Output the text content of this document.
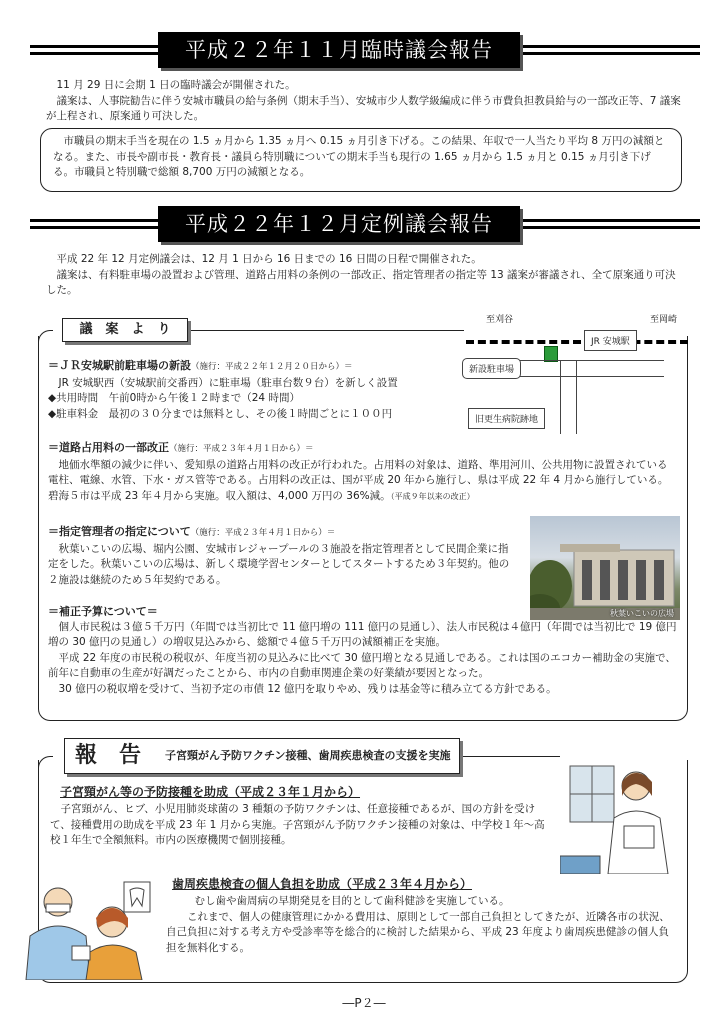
平成２２年１１月臨時議会報告

11 月 29 日に会期 1 日の臨時議会が開催された。

議案は、人事院勧告に伴う安城市職員の給与条例（期末手当）、安城市少人数学級編成に伴う市費負担教員給与の一部改正等、7 議案が上程され、原案通り可決した。

市職員の期末手当を現在の 1.5 ヵ月から 1.35 ヵ月へ 0.15 ヵ月引き下げる。この結果、年収で一人当たり平均 8 万円の減額となる。また、市長や副市長・教育長・議員ら特別職についての期末手当も現行の 1.65 ヵ月から 1.5 ヵ月と 0.15 ヵ月引き下げる。市職員と特別職で総額 8,700 万円の減額となる。

平成２２年１２月定例議会報告

平成 22 年 12 月定例議会は、12 月 1 日から 16 日までの 16 日間の日程で開催された。

議案は、有料駐車場の設置および管理、道路占用料の条例の一部改正、指定管理者の指定等 13 議案が審議され、全て原案通り可決した。

議　案　よ　り

＝ＪＲ安城駅前駐車場の新設（施行：平成２２年１２月２０日から）＝

JR 安城駅西（安城駅前交番西）に駐車場（駐車台数９台）を新しく設置

◆共用時間　午前0時から午後１２時まで（24 時間）

◆駐車料金　最初の３０分までは無料とし、その後１時間ごとに１００円

至刈谷	至岡崎
JR 安城駅
新設駐車場
旧更生病院跡地

＝道路占用料の一部改正（施行：平成２３年４月１日から）＝

地価水準額の減少に伴い、愛知県の道路占用料の改正が行われた。占用料の対象は、道路、準用河川、公共用物に設置されている電柱、電線、水管、下水・ガス管等である。占用料の改正は、国が平成 20 年から施行し、県は平成 22 年 4 月から施行している。碧海５市は平成 23 年４月から実施。収入額は、4,000 万円の 36%減。（平成９年以来の改正）

＝指定管理者の指定について（施行：平成２３年４月１日から）＝

秋葉いこいの広場、堀内公園、安城市レジャープールの３施設を指定管理者として民間企業に指定をした。秋葉いこいの広場は、新しく環境学習センターとしてスタートするため３年契約。他の２施設は継続のため５年契約である。

秋葉いこいの広場

＝補正予算について＝

個人市民税は３億５千万円（年間では当初比で 11 億円増の 111 億円の見通し）、法人市民税は４億円（年間では当初比で 19 億円増の 30 億円の見通し）の増収見込みから、総額で４億５千万円の減額補正を実施。

平成 22 年度の市民税の税収が、年度当初の見込みに比べて 30 億円増となる見通しである。これは国のエコカー補助金の実施で、前年に自動車の生産が好調だったことから、市内の自動車関連企業の好業績が要因となった。

30 億円の税収増を受けて、当初予定の市債 12 億円を取りやめ、残りは基金等に積み立てる方針である。

報　告 子宮頸がん予防ワクチン接種、歯周疾患検査の支援を実施

子宮頸がん等の予防接種を助成（平成２３年１月から）

子宮頸がん、ヒブ、小児用肺炎球菌の 3 種類の予防ワクチンは、任意接種であるが、国の方針を受けて、接種費用の助成を平成 23 年 1 月から実施。子宮頸がん予防ワクチン接種の対象は、中学校１年〜高校１年生で全額無料。市内の医療機関で個別接種。

歯周疾患検査の個人負担を助成（平成２３年４月から）

むし歯や歯周病の早期発見を目的として歯科健診を実施している。

これまで、個人の健康管理にかかる費用は、原則として一部自己負担としてきたが、近隣各市の状況、自己負担に対する考え方や受診率等を総合的に検討した結果から、平成 23 年度より歯周疾患健診の個人負担を無料化する。

―P２―
